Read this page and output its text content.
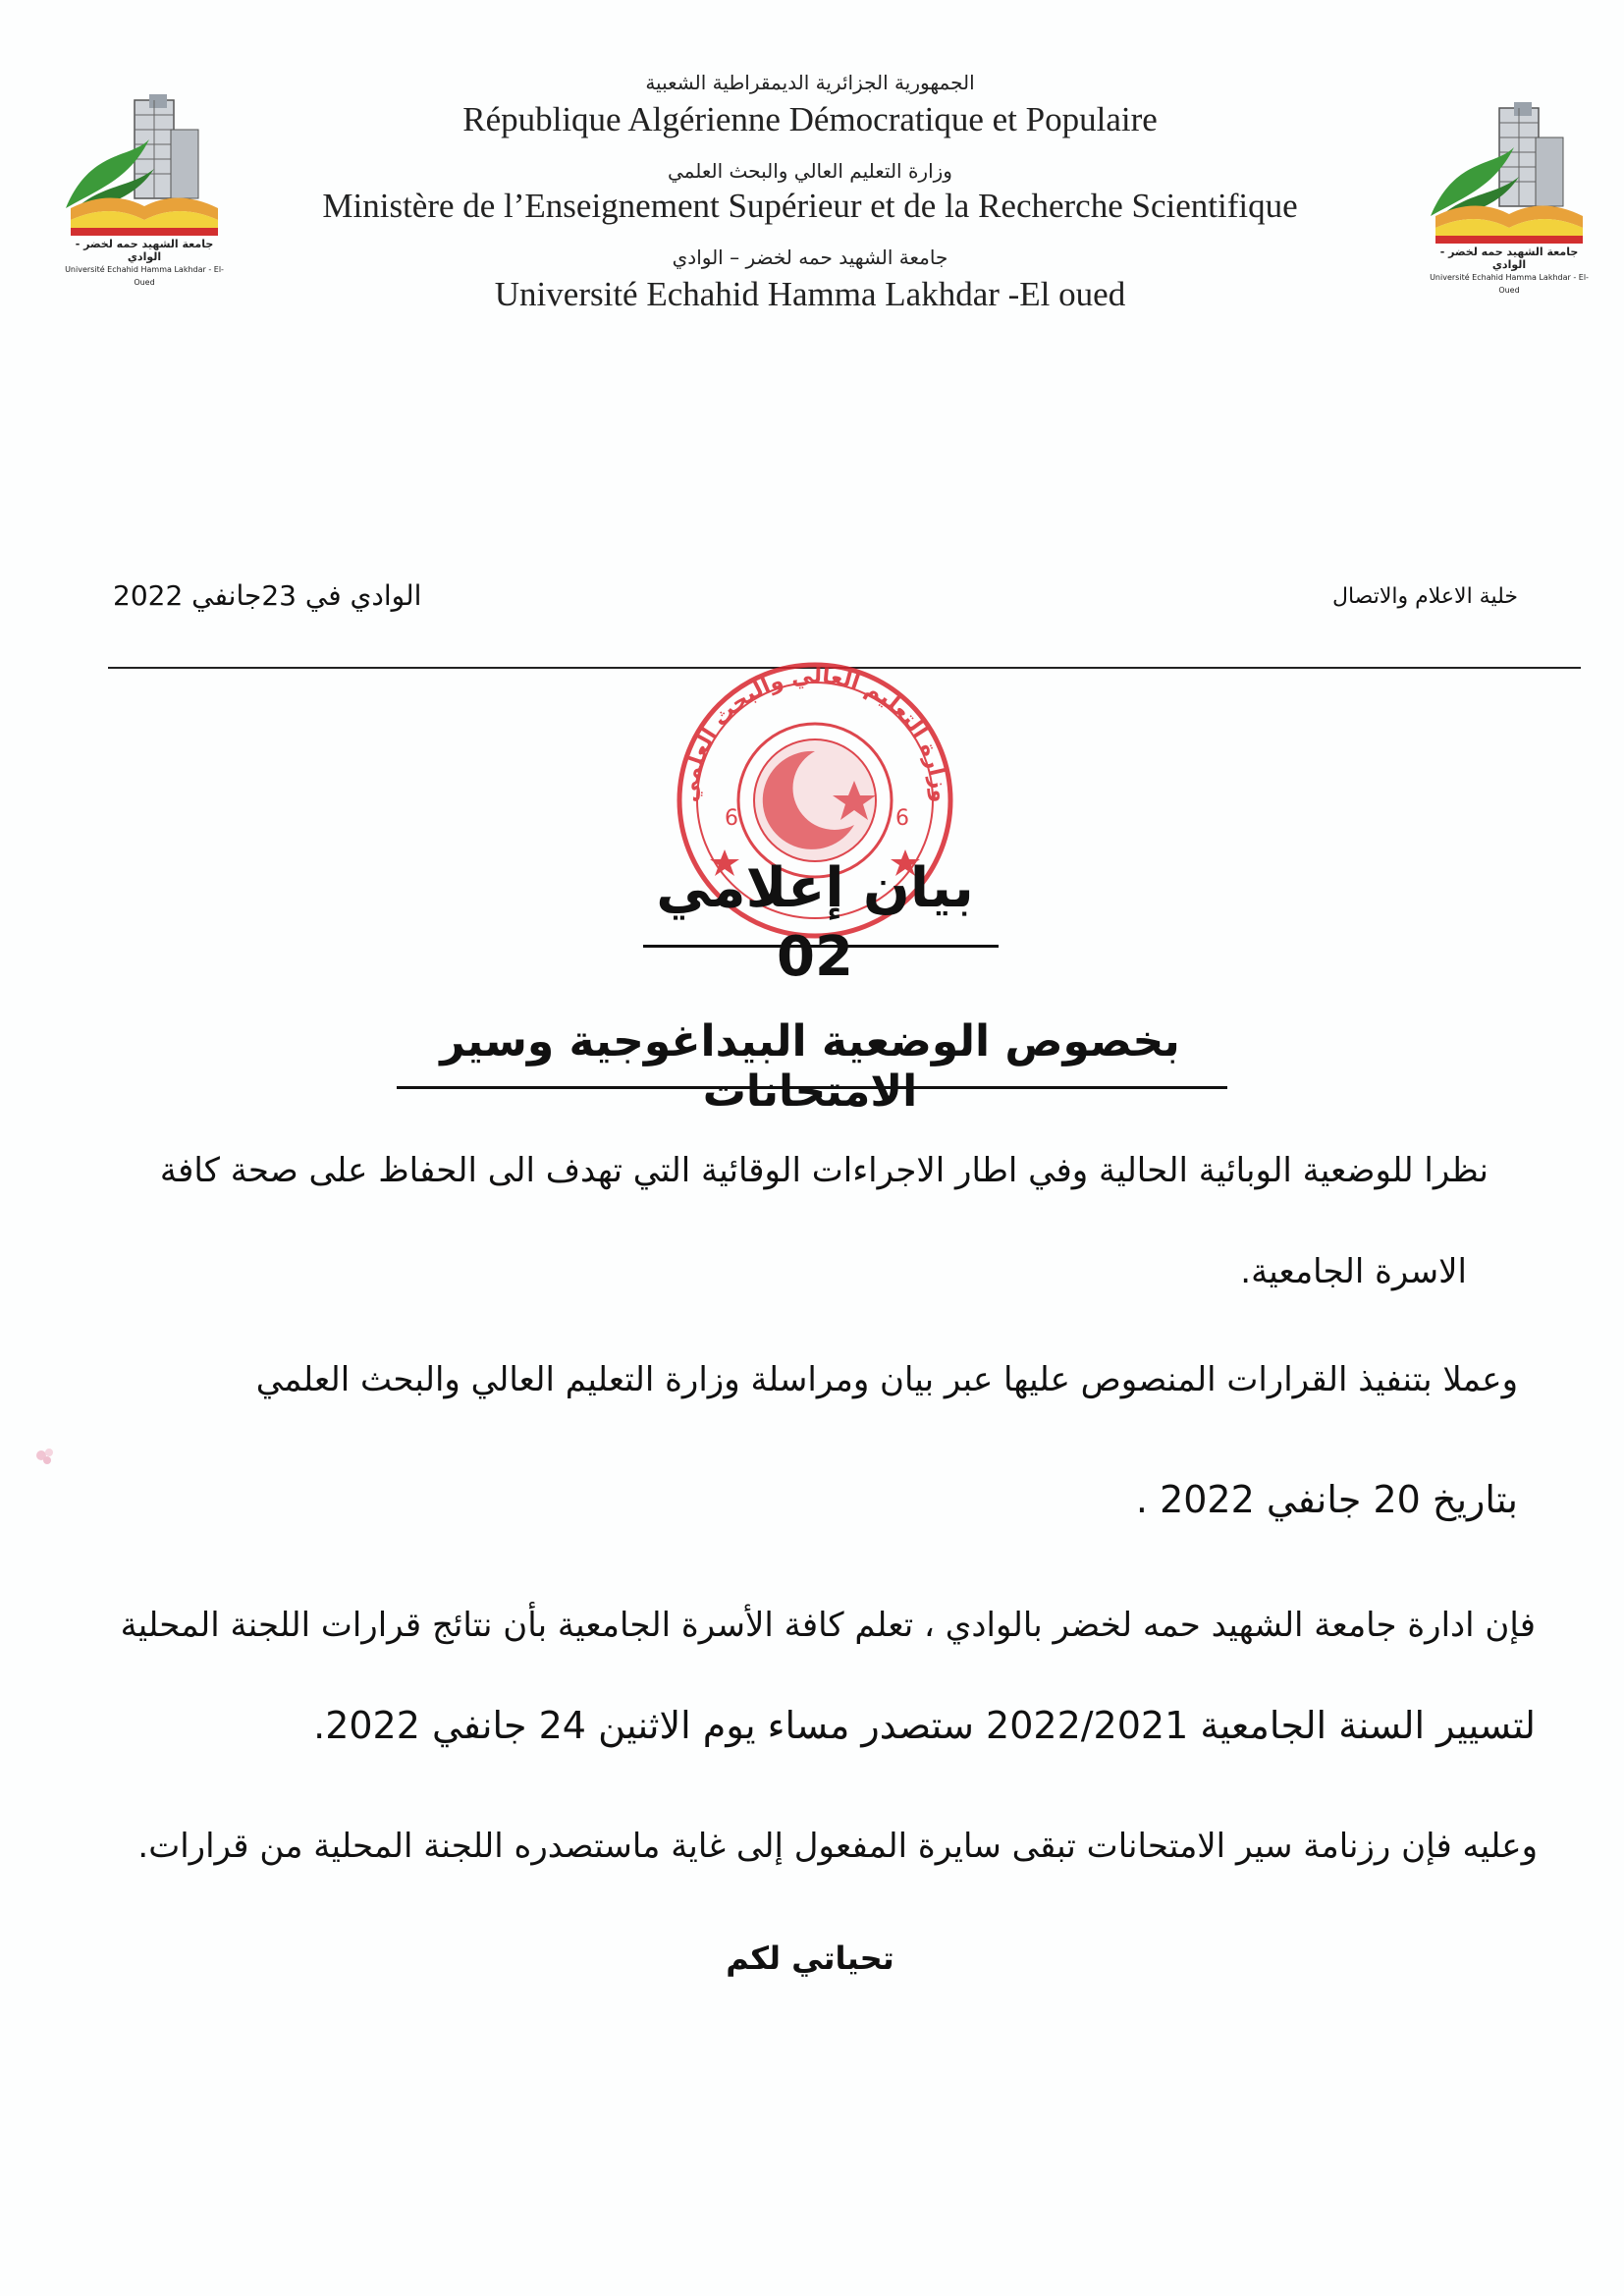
جامعة الشهيد حمه لخضر - الوادي
Université Echahid Hamma Lakhdar - El-Oued
جامعة الشهيد حمه لخضر - الوادي
Université Echahid Hamma Lakhdar - El-Oued
الجمهورية الجزائرية الديمقراطية الشعبية
République Algérienne Démocratique et Populaire
وزارة التعليم العالي والبحث العلمي
Ministère de l’Enseignement Supérieur et de la Recherche Scientifique
جامعة الشهيد حمه لخضر – الوادي
Université Echahid Hamma Lakhdar -El oued
خلية الاعلام والاتصال
الوادي في 23جانفي 2022
6	6
وزارة التعليم العالي والبحث العلمي
بيان إعلامي 02
بخصوص الوضعية البيداغوجية وسير الامتحانات
نظرا للوضعية الوبائية الحالية وفي اطار الاجراءات الوقائية التي تهدف الى الحفاظ على صحة كافة
الاسرة الجامعية.
وعملا بتنفيذ القرارات المنصوص عليها عبر بيان ومراسلة وزارة التعليم العالي والبحث العلمي
بتاريخ 20 جانفي 2022 .
فإن ادارة جامعة الشهيد حمه لخضر بالوادي ، تعلم كافة الأسرة الجامعية بأن نتائج قرارات اللجنة المحلية
لتسيير السنة الجامعية 2022/2021 ستصدر مساء يوم الاثنين 24 جانفي 2022.
وعليه فإن رزنامة سير الامتحانات تبقى سايرة المفعول إلى غاية ماستصدره اللجنة المحلية من قرارات.
تحياتي لكم
